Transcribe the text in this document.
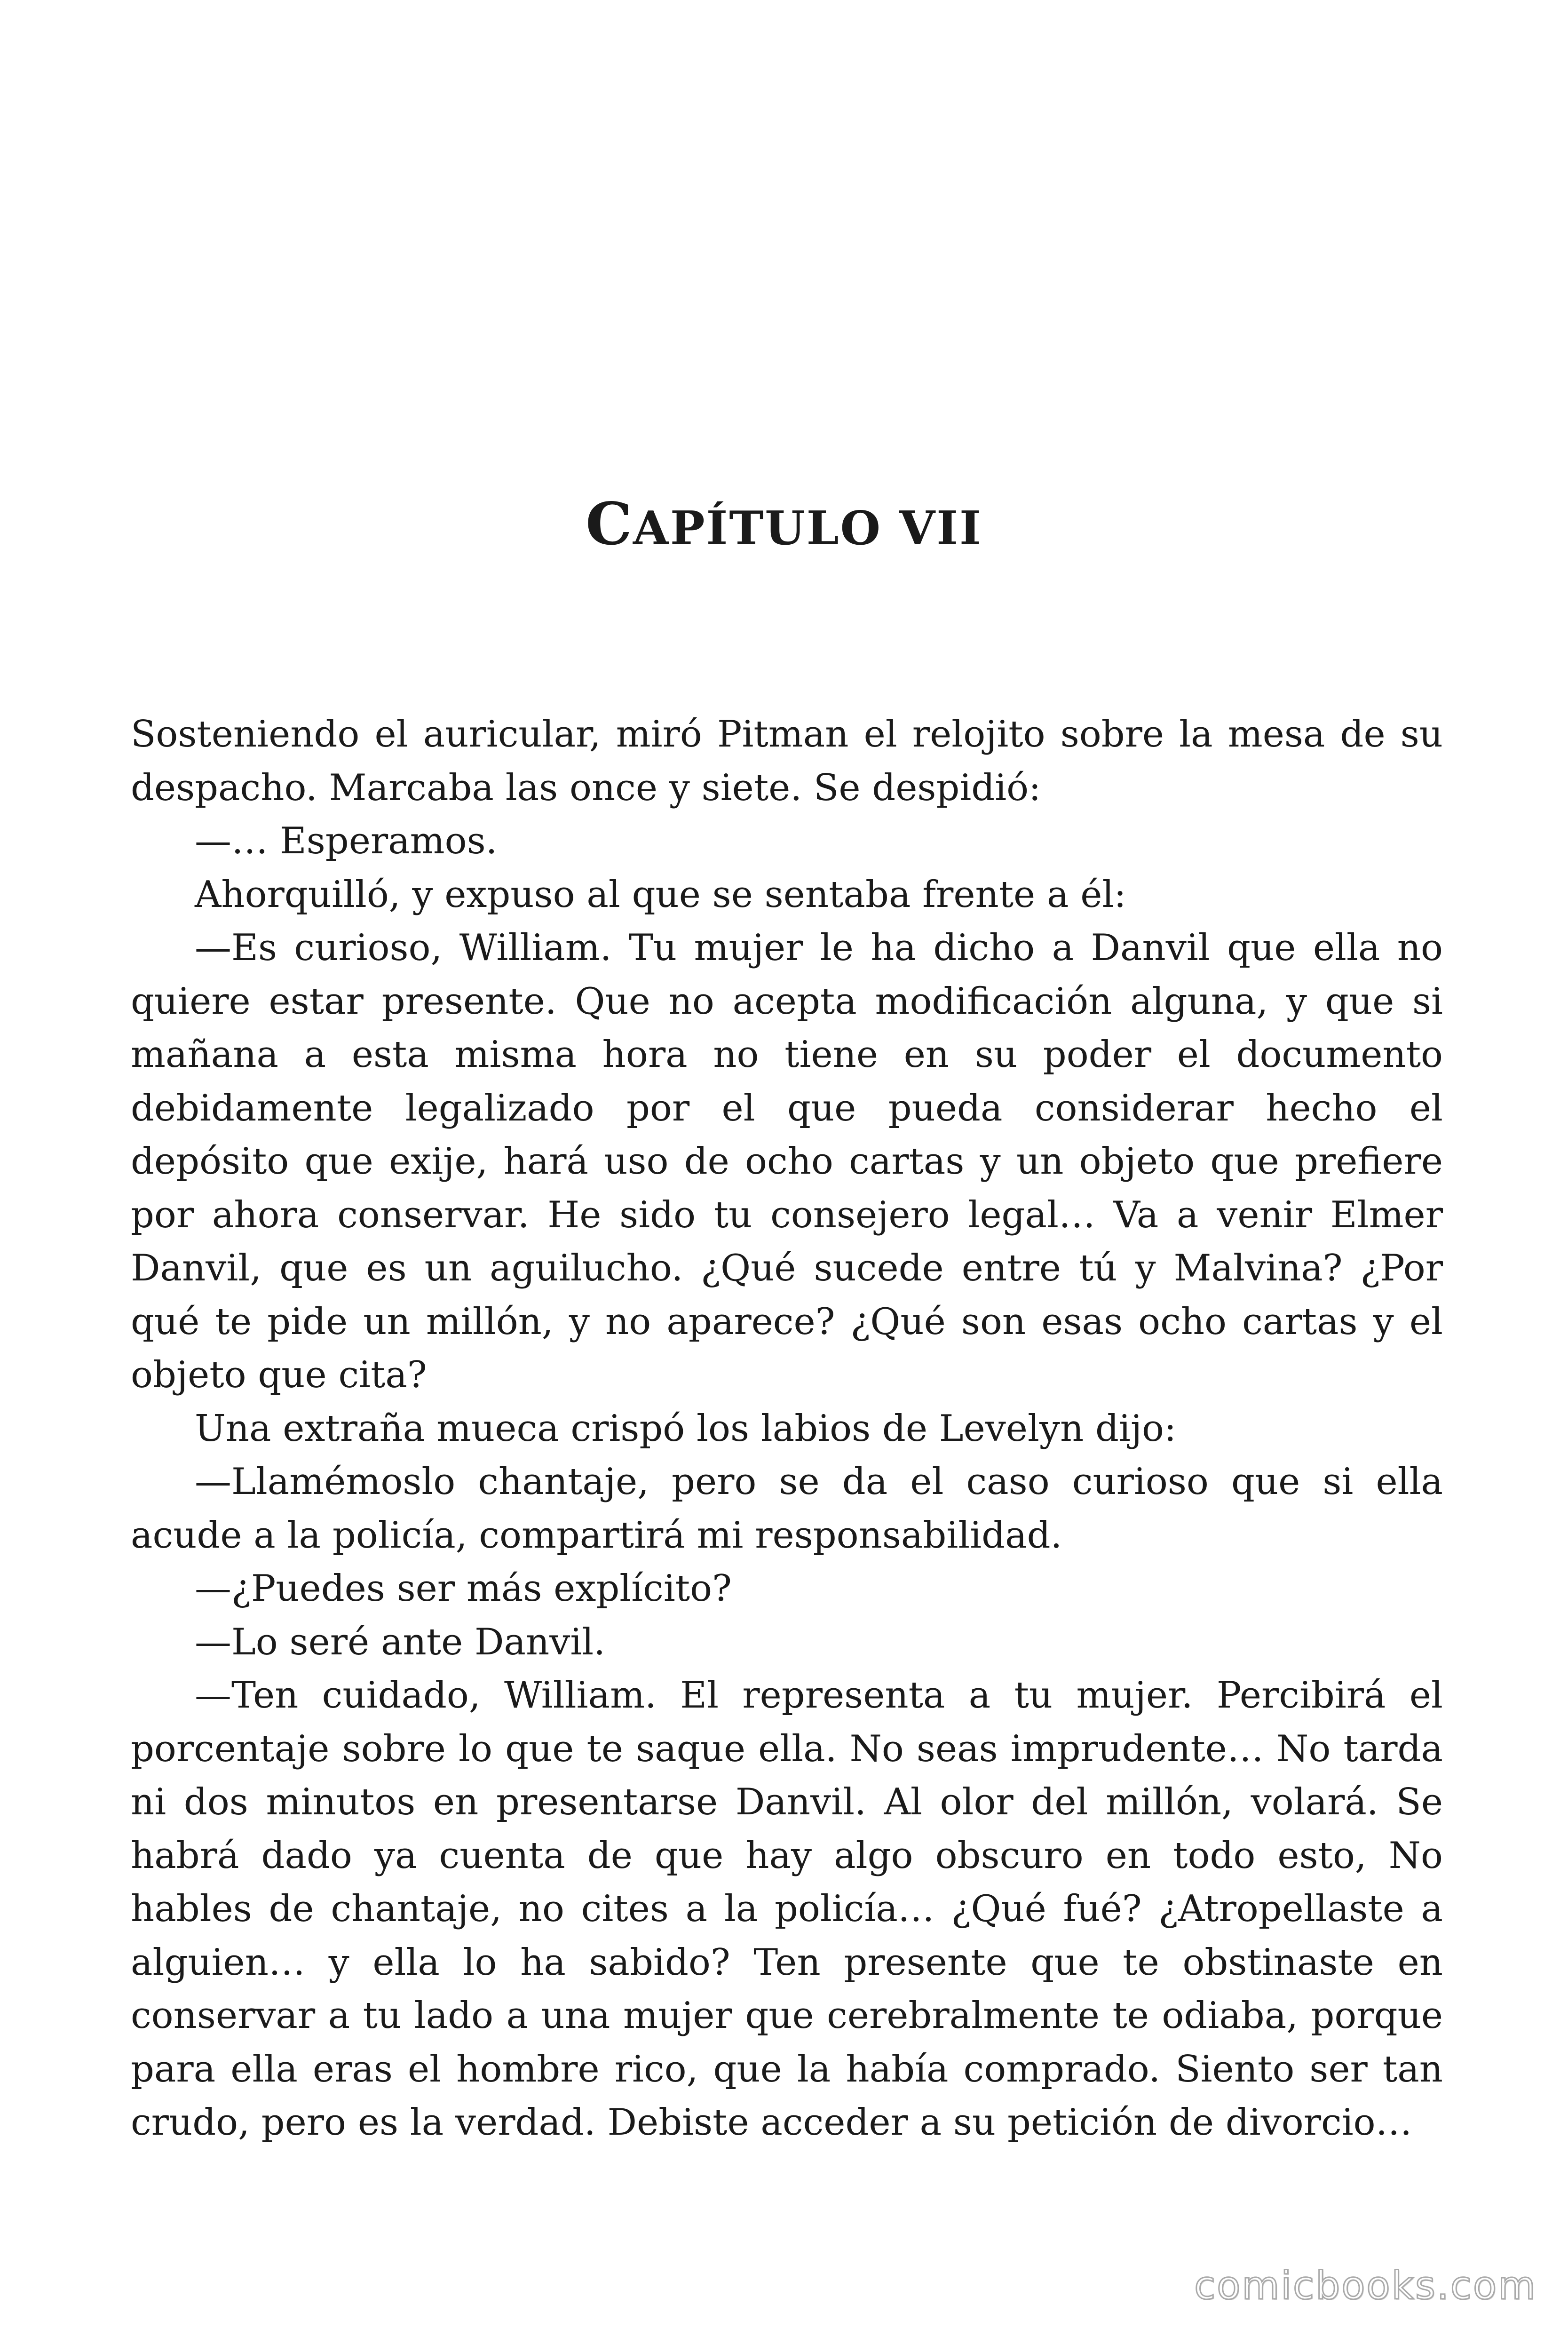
CAPÍTULO VII

Sosteniendo el auricular, miró Pitman el relojito sobre la mesa de su despacho. Marcaba las once y siete. Se despidió:

—… Esperamos.

Ahorquilló, y expuso al que se sentaba frente a él:

—Es curioso, William. Tu mujer le ha dicho a Danvil que ella no quiere estar presente. Que no acepta modificación alguna, y que si mañana a esta misma hora no tiene en su poder el documento debidamente legalizado por el que pueda considerar hecho el depósito que exije, hará uso de ocho cartas y un objeto que prefiere por ahora conservar. He sido tu consejero legal… Va a venir Elmer Danvil, que es un aguilucho. ¿Qué sucede entre tú y Malvina? ¿Por qué te pide un millón, y no aparece? ¿Qué son esas ocho cartas y el objeto que cita?

Una extraña mueca crispó los labios de Levelyn dijo:

—Llamémoslo chantaje, pero se da el caso curioso que si ella acude a la policía, compartirá mi responsabilidad.

—¿Puedes ser más explícito?

—Lo seré ante Danvil.

—Ten cuidado, William. El representa a tu mujer. Percibirá el porcentaje sobre lo que te saque ella. No seas imprudente… No tarda ni dos minutos en presentarse Danvil. Al olor del millón, volará. Se habrá dado ya cuenta de que hay algo obscuro en todo esto, No hables de chantaje, no cites a la policía… ¿Qué fué? ¿Atropellaste a alguien… y ella lo ha sabido? Ten presente que te obstinaste en conservar a tu lado a una mujer que cerebralmente te odiaba, porque para ella eras el hombre rico, que la había comprado. Siento ser tan crudo, pero es la verdad. Debiste acceder a su petición de divorcio…

comicbooks.com
